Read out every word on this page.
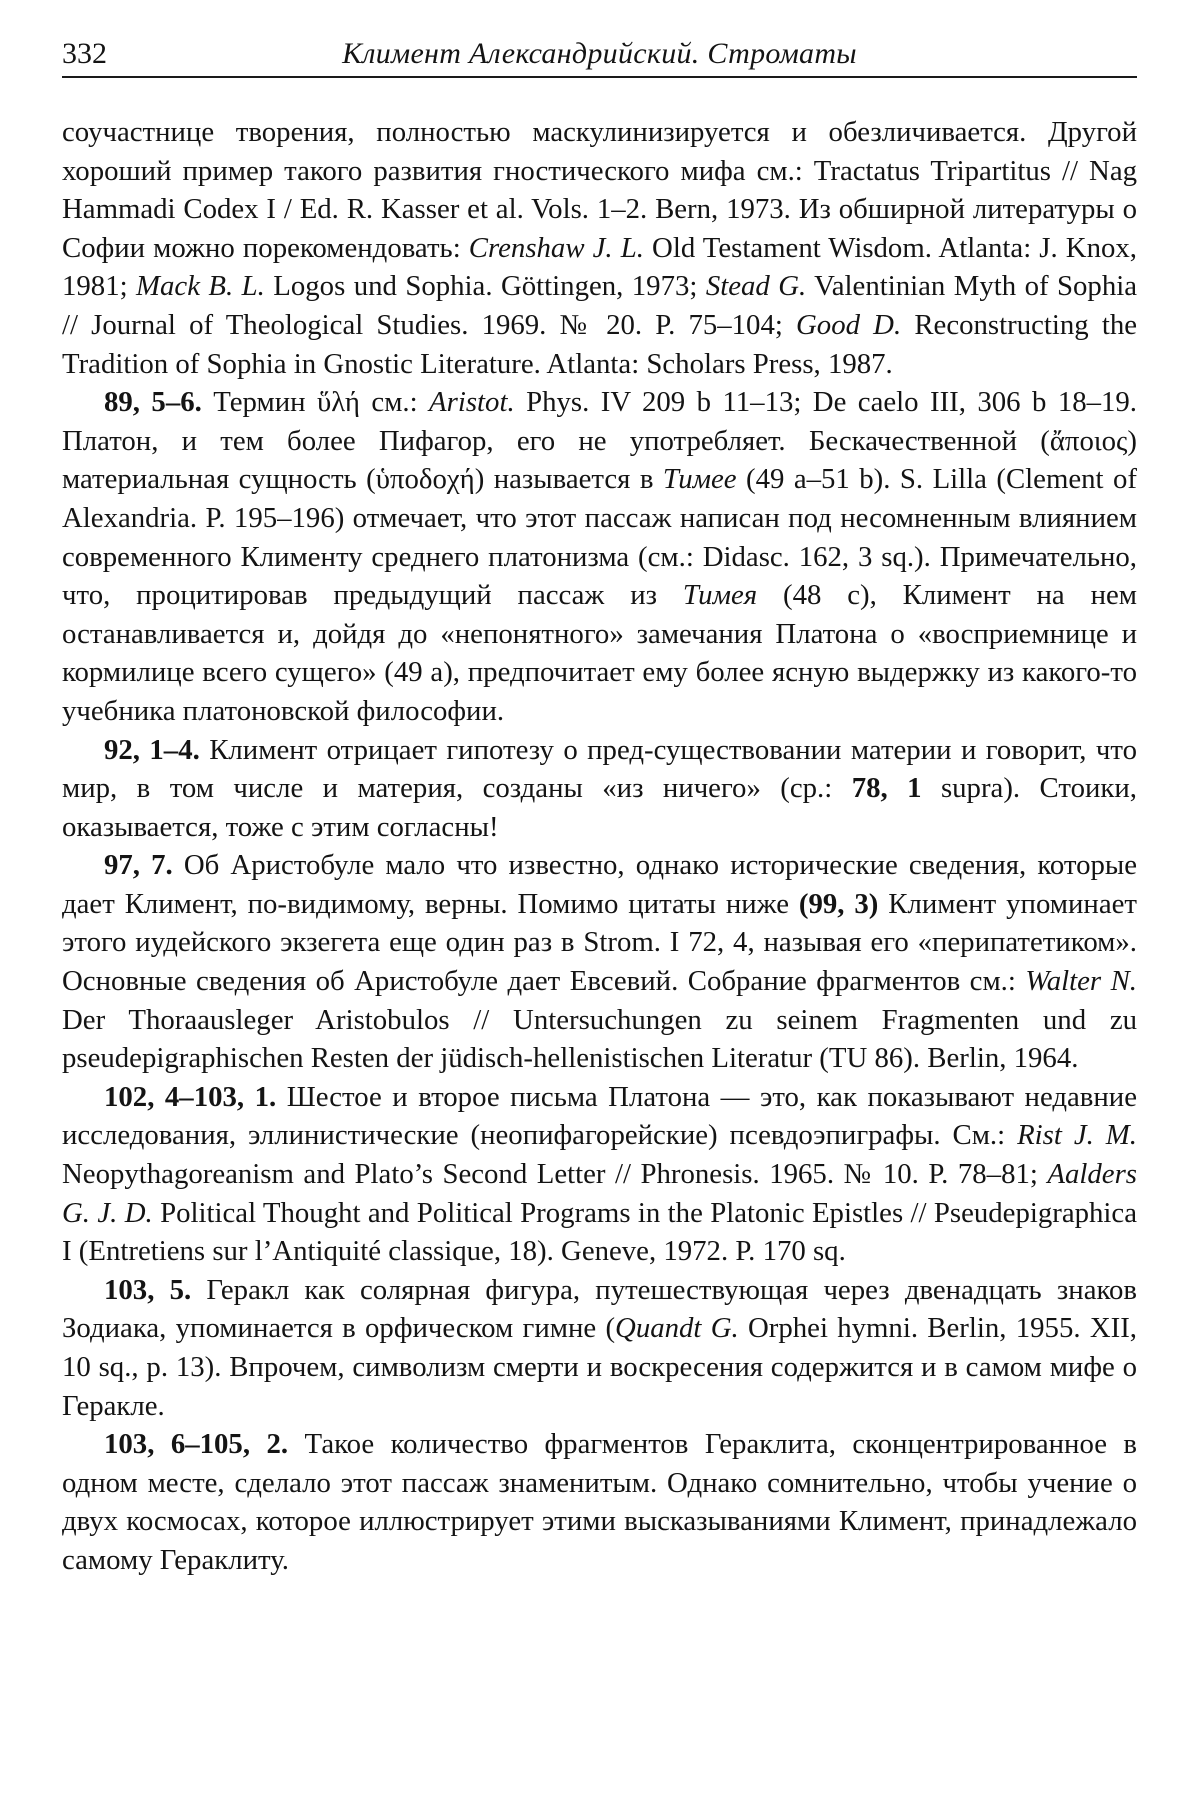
332	Климент Александрийский. Строматы

соучастнице творения, полностью маскулинизируется и обезличивается. Другой хороший пример такого развития гностического мифа см.: Tractatus Tripartitus // Nag Hammadi Codex I / Ed. R. Kasser et al. Vols. 1–2. Bern, 1973. Из обширной литературы о Софии можно порекомендовать: Crenshaw J. L. Old Testament Wisdom. Atlanta: J. Knox, 1981; Mack B. L. Logos und Sophia. Göttingen, 1973; Stead G. Valentinian Myth of Sophia // Journal of Theological Studies. 1969. № 20. P. 75–104; Good D. Reconstructing the Tradition of Sophia in Gnostic Literature. Atlanta: Scholars Press, 1987.

89, 5–6. Термин ὕλή см.: Aristot. Phys. IV 209 b 11–13; De caelo III, 306 b 18–19. Платон, и тем более Пифагор, его не употребляет. Бескачественной (ἄποιος) материальная сущность (ὑποδοχή) называется в Тимее (49 a–51 b). S. Lilla (Clement of Alexandria. P. 195–196) отмечает, что этот пассаж написан под несомненным влиянием современного Клименту среднего платонизма (см.: Didasc. 162, 3 sq.). Примечательно, что, процитировав предыдущий пассаж из Тимея (48 c), Климент на нем останавливается и, дойдя до «непонятного» замечания Платона о «восприемнице и кормилице всего сущего» (49 a), предпочитает ему более ясную выдержку из какого-то учебника платоновской философии.

92, 1–4. Климент отрицает гипотезу о пред-существовании материи и говорит, что мир, в том числе и материя, созданы «из ничего» (ср.: 78, 1 supra). Стоики, оказывается, тоже с этим согласны!

97, 7. Об Аристобуле мало что известно, однако исторические сведения, которые дает Климент, по-видимому, верны. Помимо цитаты ниже (99, 3) Климент упоминает этого иудейского экзегета еще один раз в Strom. I 72, 4, называя его «перипатетиком». Основные сведения об Аристобуле дает Евсевий. Собрание фрагментов см.: Walter N. Der Thoraausleger Aristobulos // Untersuchungen zu seinem Fragmenten und zu pseudepigraphischen Resten der jüdisch-hellenistischen Literatur (TU 86). Berlin, 1964.

102, 4–103, 1. Шестое и второе письма Платона — это, как показывают недавние исследования, эллинистические (неопифагорейские) псевдоэпиграфы. См.: Rist J. M. Neopythagoreanism and Plato’s Second Letter // Phronesis. 1965. № 10. P. 78–81; Aalders G. J. D. Political Thought and Political Programs in the Platonic Epistles // Pseudepigraphica I (Entretiens sur l’Antiquité classique, 18). Geneve, 1972. P. 170 sq.

103, 5. Геракл как солярная фигура, путешествующая через двенадцать знаков Зодиака, упоминается в орфическом гимне (Quandt G. Orphei hymni. Berlin, 1955. XII, 10 sq., p. 13). Впрочем, символизм смерти и воскресения содержится и в самом мифе о Геракле.

103, 6–105, 2. Такое количество фрагментов Гераклита, сконцентрированное в одном месте, сделало этот пассаж знаменитым. Однако сомнительно, чтобы учение о двух космосах, которое иллюстрирует этими высказываниями Климент, принадлежало самому Гераклиту.
